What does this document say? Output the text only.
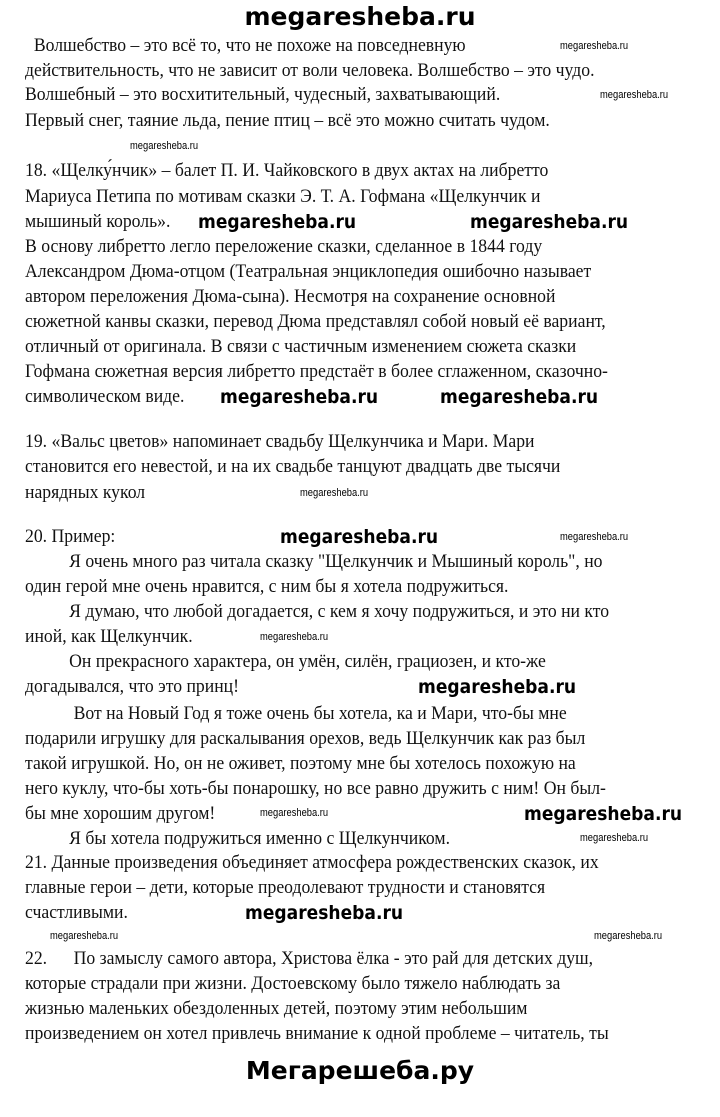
megaresheba.ru
Волшебство – это всё то, что не похоже на повседневную
действительность, что не зависит от воли человека. Волшебство – это чудо.
Волшебный – это восхитительный, чудесный, захватывающий.
Первый снег, таяние льда, пение птиц – всё это можно считать чудом.
18. «Щелку́нчик» – балет П. И. Чайковского в двух актах на либретто
Мариуса Петипа по мотивам сказки Э. Т. А. Гофмана «Щелкунчик и
мышиный король».
В основу либретто легло переложение сказки, сделанное в 1844 году
Александром Дюма-отцом (Театральная энциклопедия ошибочно называет
автором переложения Дюма-сына). Несмотря на сохранение основной
сюжетной канвы сказки, перевод Дюма представлял собой новый её вариант,
отличный от оригинала. В связи с частичным изменением сюжета сказки
Гофмана сюжетная версия либретто предстаёт в более сглаженном, сказочно-
символическом виде.
19. «Вальс цветов» напоминает свадьбу Щелкунчика и Мари. Мари
становится его невестой, и на их свадьбе танцуют двадцать две тысячи
нарядных кукол
20. Пример:
Я очень много раз читала сказку "Щелкунчик и Мышиный король", но
один герой мне очень нравится, с ним бы я хотела подружиться.
Я думаю, что любой догадается, с кем я хочу подружиться, и это ни кто
иной, как Щелкунчик.
Он прекрасного характера, он умён, силён, грациозен, и кто-же
догадывался, что это принц!
Вот на Новый Год я тоже очень бы хотела, ка и Мари, что-бы мне
подарили игрушку для раскалывания орехов, ведь Щелкунчик как раз был
такой игрушкой. Но, он не оживет, поэтому мне бы хотелось похожую на
него куклу, что-бы хоть-бы понарошку, но все равно дружить с ним! Он был-
бы мне хорошим другом!
Я бы хотела подружиться именно с Щелкунчиком.
21. Данные произведения объединяет атмосфера рождественских сказок, их
главные герои – дети, которые преодолевают трудности и становятся
счастливыми.
22.      По замыслу самого автора, Христова ёлка - это рай для детских душ,
которые страдали при жизни. Достоевскому было тяжело наблюдать за
жизнью маленьких обездоленных детей, поэтому этим небольшим
произведением он хотел привлечь внимание к одной проблеме – читатель, ты
megaresheba.ru
megaresheba.ru
megaresheba.ru
megaresheba.ru	megaresheba.ru
megaresheba.ru	megaresheba.ru
megaresheba.ru
megaresheba.ru	megaresheba.ru
megaresheba.ru
megaresheba.ru
megaresheba.ru	megaresheba.ru
megaresheba.ru
megaresheba.ru
megaresheba.ru	megaresheba.ru
Мегарешеба.ру
